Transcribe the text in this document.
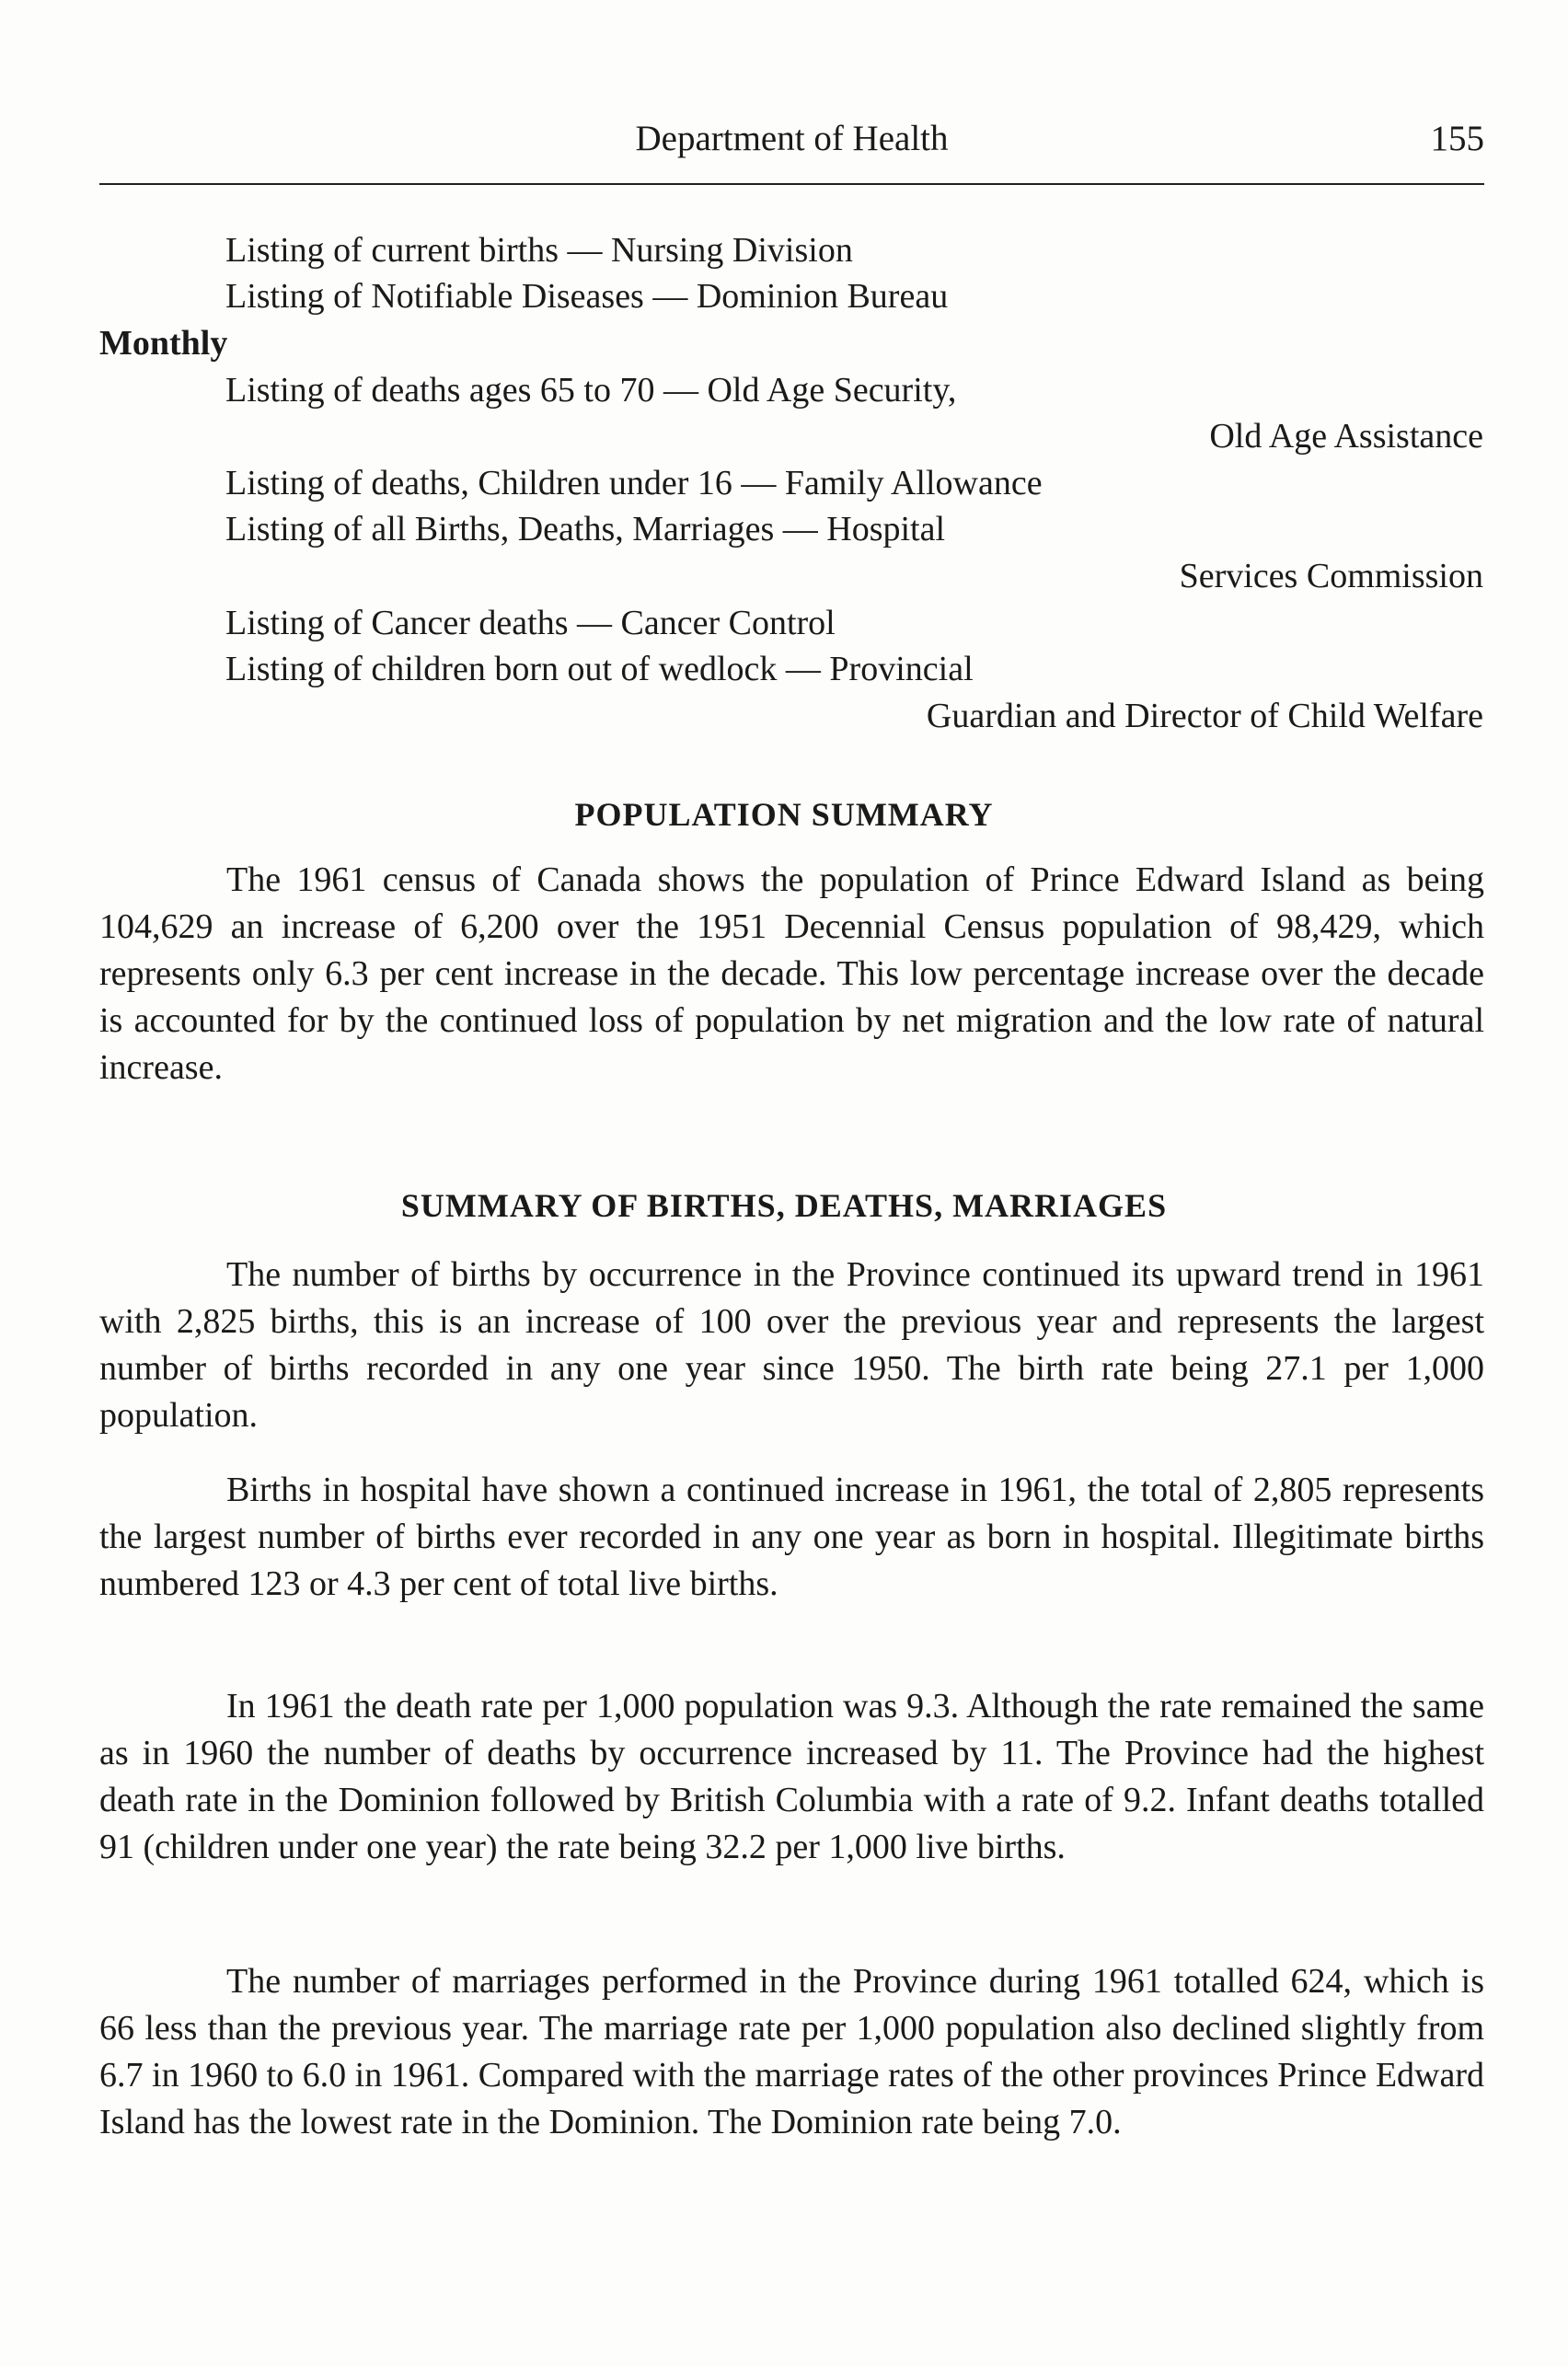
Department of Health	155
Listing of current births — Nursing Division
Listing of Notifiable Diseases — Dominion Bureau
Monthly
Listing of deaths ages 65 to 70 — Old Age Security,
Old Age Assistance
Listing of deaths, Children under 16 — Family Allowance
Listing of all Births, Deaths, Marriages — Hospital
Services Commission
Listing of Cancer deaths — Cancer Control
Listing of children born out of wedlock — Provincial
Guardian and Director of Child Welfare
POPULATION SUMMARY

The 1961 census of Canada shows the population of Prince Edward Island as being 104,629 an increase of 6,200 over the 1951 Decennial Census population of 98,429, which represents only 6.3 per cent increase in the decade. This low percentage increase over the decade is accounted for by the continued loss of population by net migration and the low rate of natural increase.

SUMMARY OF BIRTHS, DEATHS, MARRIAGES

The number of births by occurrence in the Province continued its upward trend in 1961 with 2,825 births, this is an increase of 100 over the previous year and represents the largest number of births recorded in any one year since 1950. The birth rate being 27.1 per 1,000 population.

Births in hospital have shown a continued increase in 1961, the total of 2,805 represents the largest number of births ever recorded in any one year as born in hospital. Illegitimate births numbered 123 or 4.3 per cent of total live births.

In 1961 the death rate per 1,000 population was 9.3. Although the rate remained the same as in 1960 the number of deaths by occurrence increased by 11. The Province had the highest death rate in the Dominion followed by British Columbia with a rate of 9.2. Infant deaths totalled 91 (children under one year) the rate being 32.2 per 1,000 live births.

The number of marriages performed in the Province during 1961 totalled 624, which is 66 less than the previous year. The marriage rate per 1,000 population also declined slightly from 6.7 in 1960 to 6.0 in 1961. Compared with the marriage rates of the other provinces Prince Edward Island has the lowest rate in the Dominion. The Dominion rate being 7.0.
